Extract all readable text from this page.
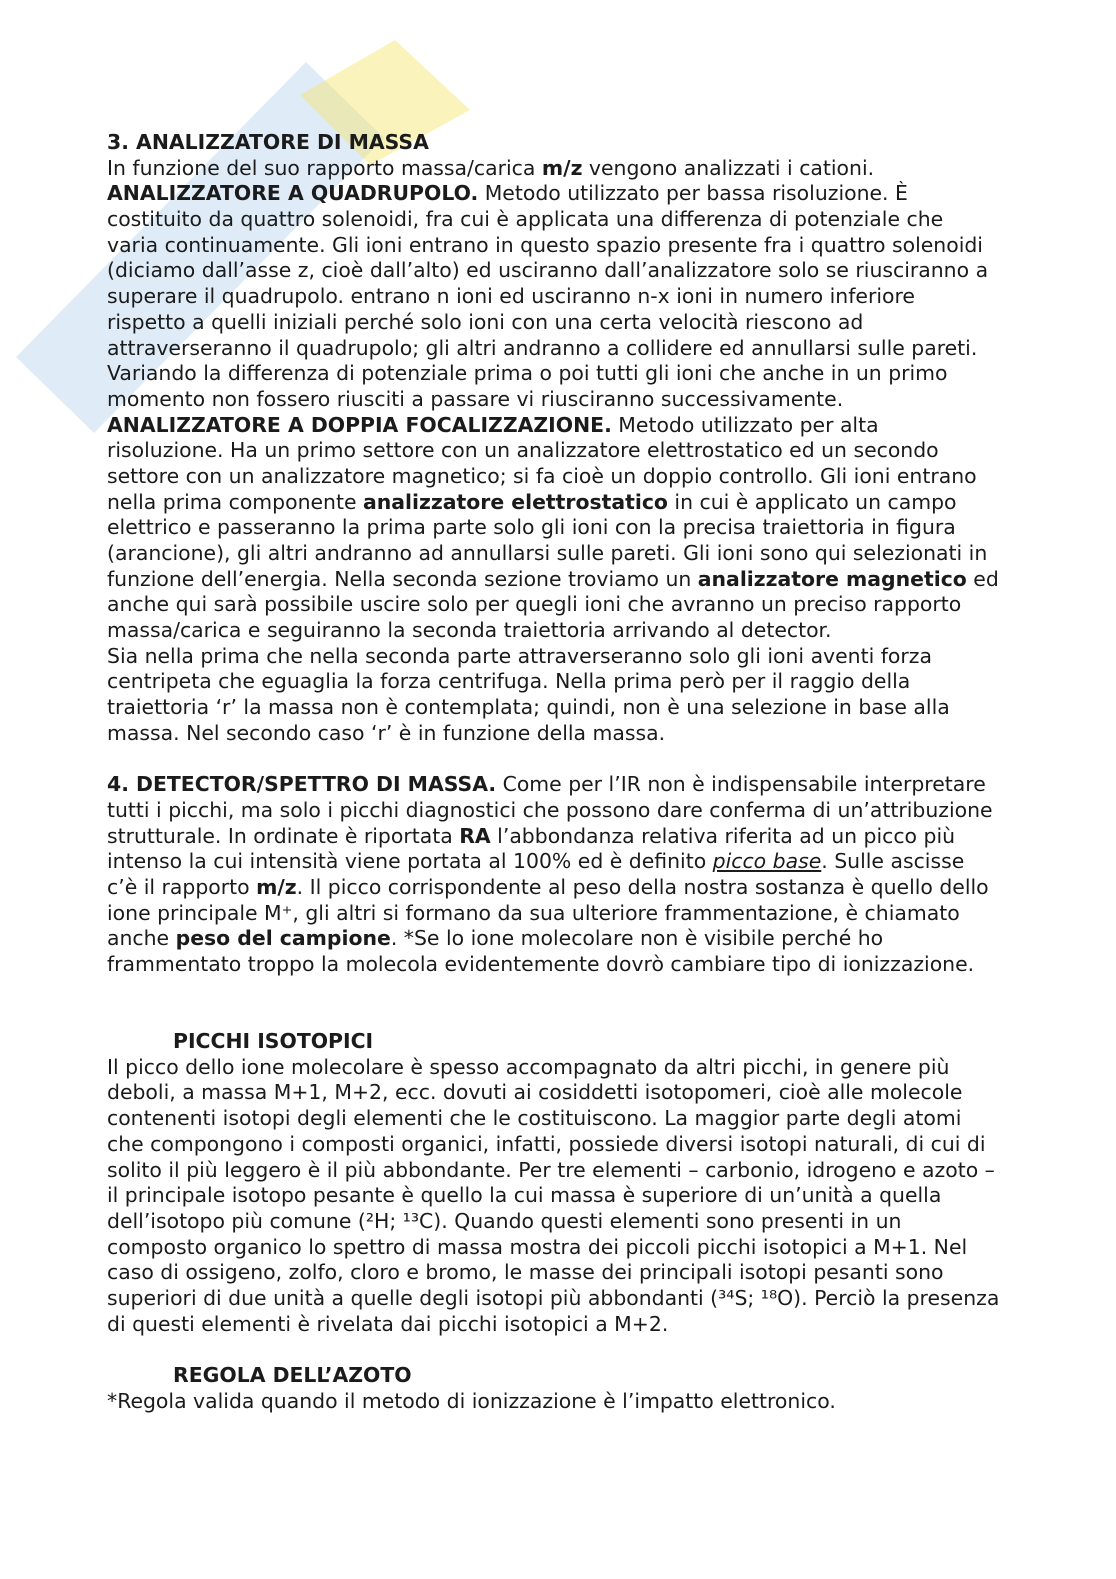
3. ANALIZZATORE DI MASSA
In funzione del suo rapporto massa/carica m/z vengono analizzati i cationi.
ANALIZZATORE A QUADRUPOLO. Metodo utilizzato per bassa risoluzione. È
costituito da quattro solenoidi, fra cui è applicata una differenza di potenziale che
varia continuamente. Gli ioni entrano in questo spazio presente fra i quattro solenoidi
(diciamo dall’asse z, cioè dall’alto) ed usciranno dall’analizzatore solo se riusciranno a
superare il quadrupolo. entrano n ioni ed usciranno n-x ioni in numero inferiore
rispetto a quelli iniziali perché solo ioni con una certa velocità riescono ad
attraverseranno il quadrupolo; gli altri andranno a collidere ed annullarsi sulle pareti.
Variando la differenza di potenziale prima o poi tutti gli ioni che anche in un primo
momento non fossero riusciti a passare vi riusciranno successivamente.
ANALIZZATORE A DOPPIA FOCALIZZAZIONE. Metodo utilizzato per alta
risoluzione. Ha un primo settore con un analizzatore elettrostatico ed un secondo
settore con un analizzatore magnetico; si fa cioè un doppio controllo. Gli ioni entrano
nella prima componente analizzatore elettrostatico in cui è applicato un campo
elettrico e passeranno la prima parte solo gli ioni con la precisa traiettoria in figura
(arancione), gli altri andranno ad annullarsi sulle pareti. Gli ioni sono qui selezionati in
funzione dell’energia. Nella seconda sezione troviamo un analizzatore magnetico ed
anche qui sarà possibile uscire solo per quegli ioni che avranno un preciso rapporto
massa/carica e seguiranno la seconda traiettoria arrivando al detector.
Sia nella prima che nella seconda parte attraverseranno solo gli ioni aventi forza
centripeta che eguaglia la forza centrifuga. Nella prima però per il raggio della
traiettoria ‘r’ la massa non è contemplata; quindi, non è una selezione in base alla
massa. Nel secondo caso ‘r’ è in funzione della massa.
4. DETECTOR/SPETTRO DI MASSA. Come per l’IR non è indispensabile interpretare
tutti i picchi, ma solo i picchi diagnostici che possono dare conferma di un’attribuzione
strutturale. In ordinate è riportata RA l’abbondanza relativa riferita ad un picco più
intenso la cui intensità viene portata al 100% ed è definito picco base. Sulle ascisse
c’è il rapporto m/z. Il picco corrispondente al peso della nostra sostanza è quello dello
ione principale M⁺, gli altri si formano da sua ulteriore frammentazione, è chiamato
anche peso del campione. *Se lo ione molecolare non è visibile perché ho
frammentato troppo la molecola evidentemente dovrò cambiare tipo di ionizzazione.
PICCHI ISOTOPICI
Il picco dello ione molecolare è spesso accompagnato da altri picchi, in genere più
deboli, a massa M+1, M+2, ecc. dovuti ai cosiddetti isotopomeri, cioè alle molecole
contenenti isotopi degli elementi che le costituiscono. La maggior parte degli atomi
che compongono i composti organici, infatti, possiede diversi isotopi naturali, di cui di
solito il più leggero è il più abbondante. Per tre elementi – carbonio, idrogeno e azoto –
il principale isotopo pesante è quello la cui massa è superiore di un’unità a quella
dell’isotopo più comune (²H; ¹³C). Quando questi elementi sono presenti in un
composto organico lo spettro di massa mostra dei piccoli picchi isotopici a M+1. Nel
caso di ossigeno, zolfo, cloro e bromo, le masse dei principali isotopi pesanti sono
superiori di due unità a quelle degli isotopi più abbondanti (³⁴S; ¹⁸O). Perciò la presenza
di questi elementi è rivelata dai picchi isotopici a M+2.
REGOLA DELL’AZOTO
*Regola valida quando il metodo di ionizzazione è l’impatto elettronico.
